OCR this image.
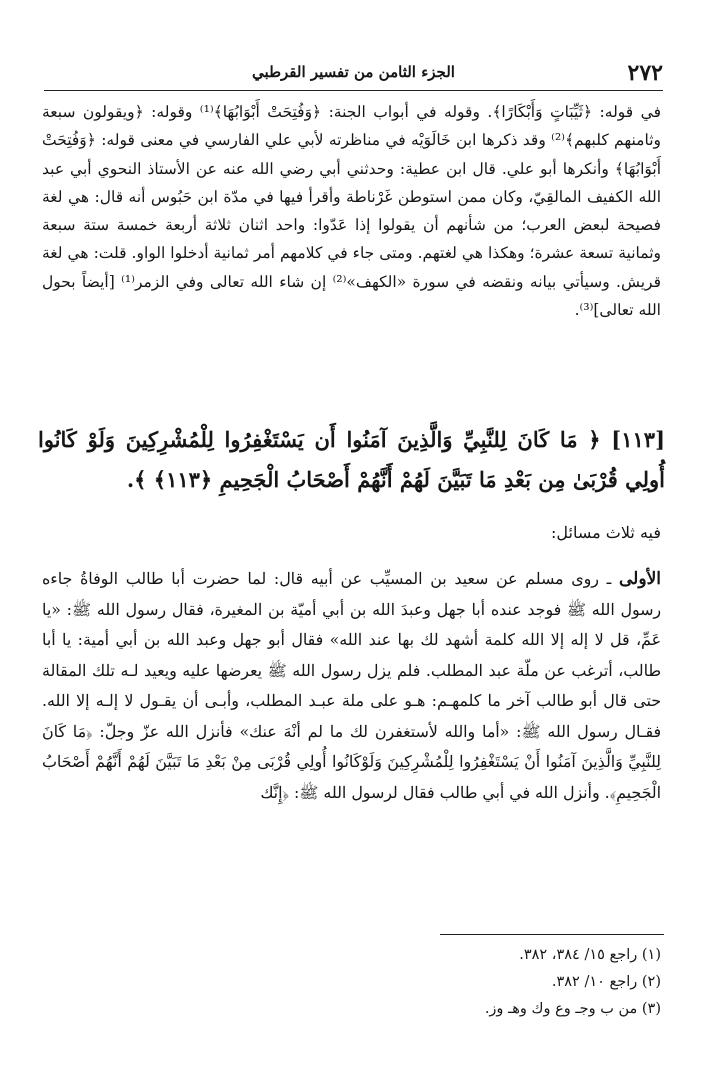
٢٧٢
الجزء الثامن من تفسير القرطبي
في قوله: ﴿ثَيِّبَاتٍ وَأَبْكَارًا﴾. وقوله في أبواب الجنة: ﴿وَفُتِحَتْ أَبْوَابُهَا﴾⁽¹⁾ وقوله: ﴿ويقولون سبعة وثامنهم كلبهم﴾⁽²⁾ وقد ذكرها ابن خَالَوَيْه في مناظرته لأبي علي الفارسي في معنى قوله: ﴿وَفُتِحَتْ أَبْوَابُهَا﴾ وأنكرها أبو علي. قال ابن عطية: وحدثني أبي رضي الله عنه عن الأستاذ النحوي أبي عبد الله الكفيف المالقِيّ، وكان ممن استوطن غَرْناطة وأقرأ فيها في مدّة ابن حَبُوس أنه قال: هي لغة فصيحة لبعض العرب؛ من شأنهم أن يقولوا إذا عَدّوا: واحد اثنان ثلاثة أربعة خمسة ستة سبعة وثمانية تسعة عشرة؛ وهكذا هي لغتهم. ومتى جاء في كلامهم أمر ثمانية أدخلوا الواو. قلت: هي لغة قريش. وسيأتي بيانه ونقضه في سورة «الكهف»⁽²⁾ إن شاء الله تعالى وفي الزمر⁽¹⁾ [أيضاً بحول الله تعالى]⁽³⁾.
[١١٣] ﴿ مَا كَانَ لِلنَّبِيِّ وَالَّذِينَ آمَنُوا أَن يَسْتَغْفِرُوا لِلْمُشْرِكِينَ وَلَوْ كَانُوا أُولِي قُرْبَىٰ مِن بَعْدِ مَا تَبَيَّنَ لَهُمْ أَنَّهُمْ أَصْحَابُ الْجَحِيمِ ﴿١١٣﴾ ﴾.
فيه ثلاث مسائل:
الأولى ـ روى مسلم عن سعيد بن المسيِّب عن أبيه قال: لما حضرت أبا طالب الوفاةُ جاءه رسول الله ﷺ فوجد عنده أبا جهل وعبدَ الله بن أبي أميّة بن المغيرة، فقال رسول الله ﷺ: «يا عَمِّ، قل لا إله إلا الله كلمة أشهد لك بها عند الله» فقال أبو جهل وعبد الله بن أبي أمية: يا أبا طالب، أترغب عن ملّة عبد المطلب. فلم يزل رسول الله ﷺ يعرضها عليه ويعيد لـه تلك المقالة حتى قال أبو طالب آخر ما كلمهـم: هـو على ملة عبـد المطلب، وأبـى أن يقـول لا إلـه إلا الله. فقـال رسول الله ﷺ: «أما والله لأستغفرن لك ما لم أنْهَ عنك» فأنزل الله عزّ وجلّ: ﴿مَا كَانَ لِلنَّبِيِّ وَالَّذِينَ آمَنُوا أَنْ يَسْتَغْفِرُوا لِلْمُشْرِكِينَ وَلَوْكَانُوا أُولِي قُرْبَى مِنْ بَعْدِ مَا تَبَيَّنَ لَهُمْ أَنَّهُمْ أَصْحَابُ الْجَحِيمِ﴾. وأنزل الله في أبي طالب فقال لرسول الله ﷺ: ﴿إِنَّك
(١) راجع ١٥/ ٣٨٤، ٣٨٢.
(٢) راجع ١٠/ ٣٨٢.
(٣) من ب وجـ وع وك وهـ وز.
